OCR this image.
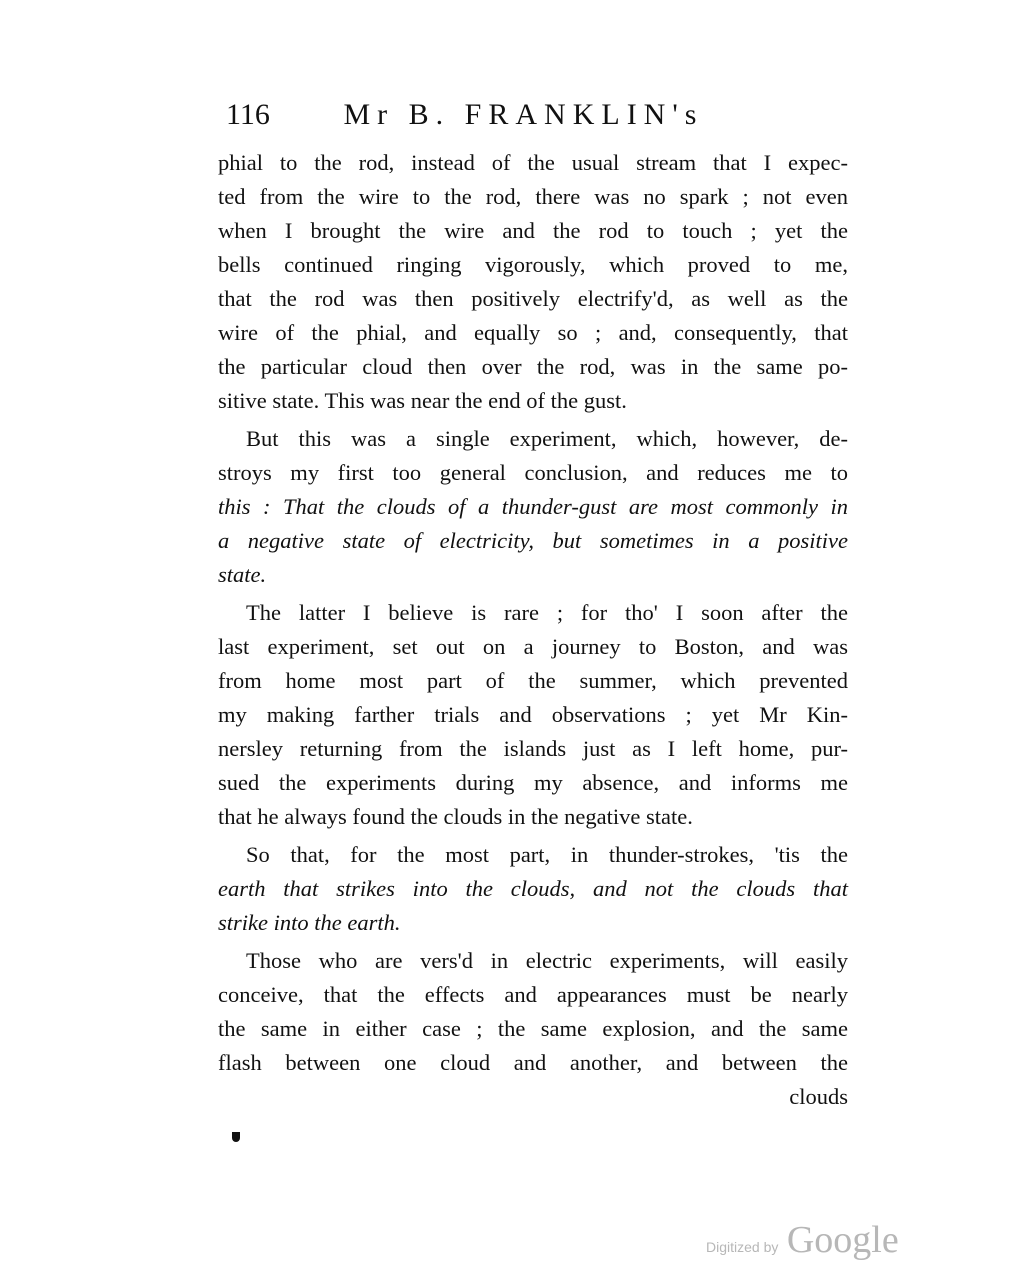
116 Mr B. FRANKLIN's
phial to the rod, instead of the usual stream that I expec-
ted from the wire to the rod, there was no spark ; not even
when I brought the wire and the rod to touch ; yet the
bells continued ringing vigorously, which proved to me,
that the rod was then positively electrify'd, as well as the
wire of the phial, and equally so ; and, consequently, that
the particular cloud then over the rod, was in the same po-
sitive state. This was near the end of the gust.
But this was a single experiment, which, however, de-
stroys my first too general conclusion, and reduces me to
this : That the clouds of a thunder-gust are most commonly in
a negative state of electricity, but sometimes in a positive
state.
The latter I believe is rare ; for tho' I soon after the
last experiment, set out on a journey to Boston, and was
from home most part of the summer, which prevented
my making farther trials and observations ; yet Mr Kin-
nersley returning from the islands just as I left home, pur-
sued the experiments during my absence, and informs me
that he always found the clouds in the negative state.
So that, for the most part, in thunder-strokes, 'tis the
earth that strikes into the clouds, and not the clouds that
strike into the earth.
Those who are vers'd in electric experiments, will easily
conceive, that the effects and appearances must be nearly
the same in either case ; the same explosion, and the same
flash between one cloud and another, and between the
clouds
Digitized by Google
